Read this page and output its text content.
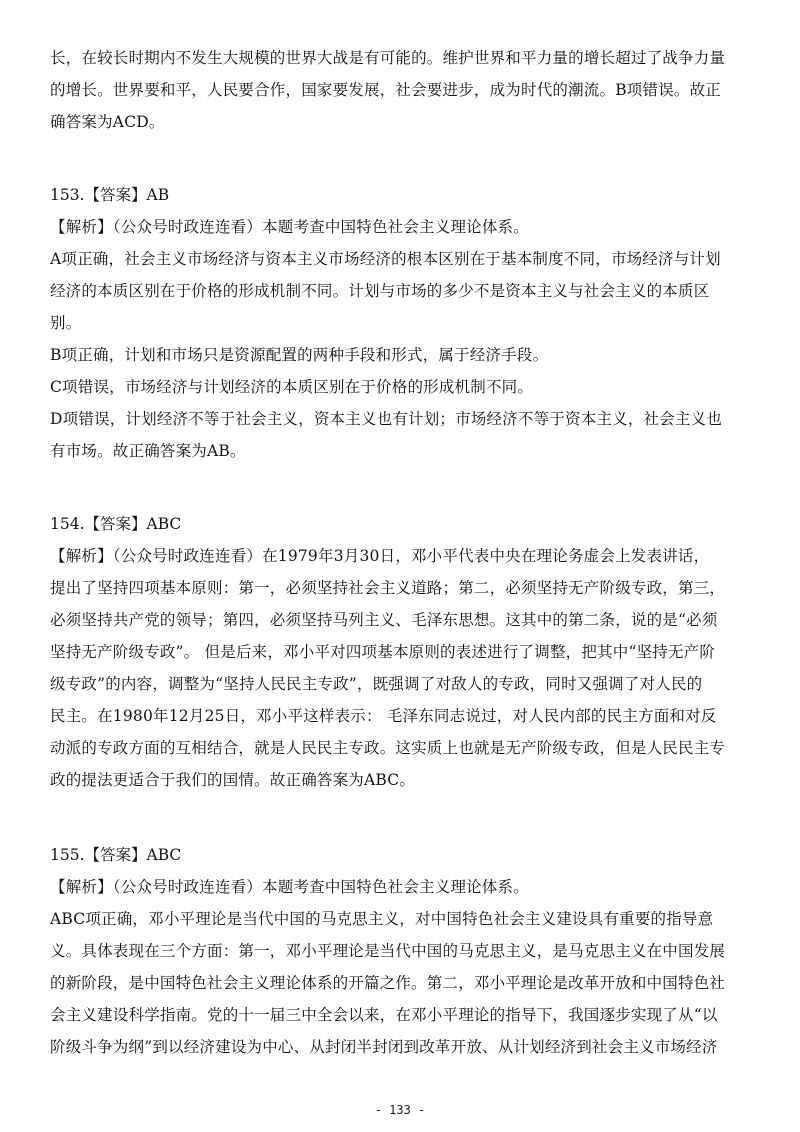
长，在较长时期内不发生大规模的世界大战是有可能的。维护世界和平力量的增长超过了战争力量
的增长。世界要和平，人民要合作，国家要发展，社会要进步，成为时代的潮流。B项错误。故正
确答案为ACD。
153.【答案】AB
【解析】（公众号时政连连看）本题考查中国特色社会主义理论体系。
A项正确，社会主义市场经济与资本主义市场经济的根本区别在于基本制度不同，市场经济与计划
经济的本质区别在于价格的形成机制不同。计划与市场的多少不是资本主义与社会主义的本质区
别。
B项正确，计划和市场只是资源配置的两种手段和形式，属于经济手段。
C项错误，市场经济与计划经济的本质区别在于价格的形成机制不同。
D项错误，计划经济不等于社会主义，资本主义也有计划；市场经济不等于资本主义，社会主义也
有市场。故正确答案为AB。
154.【答案】ABC
【解析】（公众号时政连连看）在1979年3月30日，邓小平代表中央在理论务虚会上发表讲话，
提出了坚持四项基本原则：第一，必须坚持社会主义道路；第二，必须坚持无产阶级专政，第三，
必须坚持共产党的领导；第四，必须坚持马列主义、毛泽东思想。这其中的第二条，说的是“必须
坚持无产阶级专政”。 但是后来，邓小平对四项基本原则的表述进行了调整，把其中“坚持无产阶
级专政”的内容，调整为“坚持人民民主专政”，既强调了对敌人的专政，同时又强调了对人民的
民主。在1980年12月25日，邓小平这样表示： 毛泽东同志说过，对人民内部的民主方面和对反
动派的专政方面的互相结合，就是人民民主专政。这实质上也就是无产阶级专政，但是人民民主专
政的提法更适合于我们的国情。故正确答案为ABC。
155.【答案】ABC
【解析】（公众号时政连连看）本题考查中国特色社会主义理论体系。
ABC项正确，邓小平理论是当代中国的马克思主义，对中国特色社会主义建设具有重要的指导意
义。具体表现在三个方面：第一，邓小平理论是当代中国的马克思主义，是马克思主义在中国发展
的新阶段，是中国特色社会主义理论体系的开篇之作。第二，邓小平理论是改革开放和中国特色社
会主义建设科学指南。党的十一届三中全会以来，在邓小平理论的指导下，我国逐步实现了从“以
阶级斗争为纲”到以经济建设为中心、从封闭半封闭到改革开放、从计划经济到社会主义市场经济
- 133 -
